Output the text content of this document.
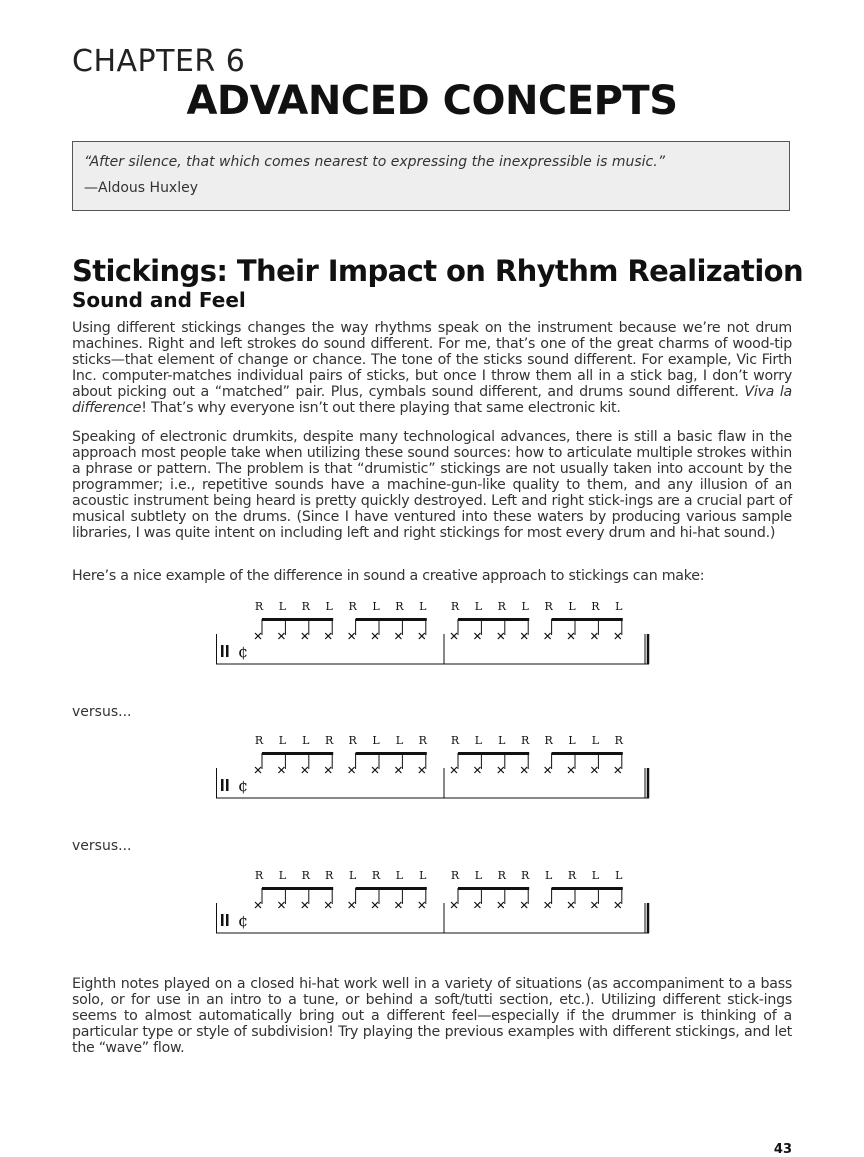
CHAPTER 6
ADVANCED CONCEPTS

“After silence, that which comes nearest to expressing the inexpressible is music.”

—Aldous Huxley

Stickings: Their Impact on Rhythm Realization
Sound and Feel

Using different stickings changes the way rhythms speak on the instrument because we’re not drum machines. Right and left strokes do sound different. For me, that’s one of the great charms of wood-tip sticks—that element of change or chance. The tone of the sticks sound different. For example, Vic Firth Inc. computer-matches individual pairs of sticks, but once I throw them all in a stick bag, I don’t worry about picking out a “matched” pair. Plus, cymbals sound different, and drums sound different. Viva la difference! That’s why everyone isn’t out there playing that same electronic kit.

Speaking of electronic drumkits, despite many technological advances, there is still a basic flaw in the approach most people take when utilizing these sound sources: how to articulate multiple strokes within a phrase or pattern. The problem is that “drumistic” stickings are not usually taken into account by the programmer; i.e., repetitive sounds have a machine-gun-like quality to them, and any illusion of an acoustic instrument being heard is pretty quickly destroyed. Left and right stick-ings are a crucial part of musical subtlety on the drums. (Since I have ventured into these waters by producing various sample libraries, I was quite intent on including left and right stickings for most every drum and hi-hat sound.)

Here’s a nice example of the difference in sound a creative approach to stickings can make:

¢
R L R L R L R L R L R L R L R L
versus...
¢
R L L R R L L R R L L R R L L R
versus...
¢
R L R R L R L L R L R R L R L L

Eighth notes played on a closed hi-hat work well in a variety of situations (as accompaniment to a bass solo, or for use in an intro to a tune, or behind a soft/tutti section, etc.). Utilizing different stick-ings seems to almost automatically bring out a different feel—especially if the drummer is thinking of a particular type or style of subdivision! Try playing the previous examples with different stickings, and let the “wave” flow.

43
